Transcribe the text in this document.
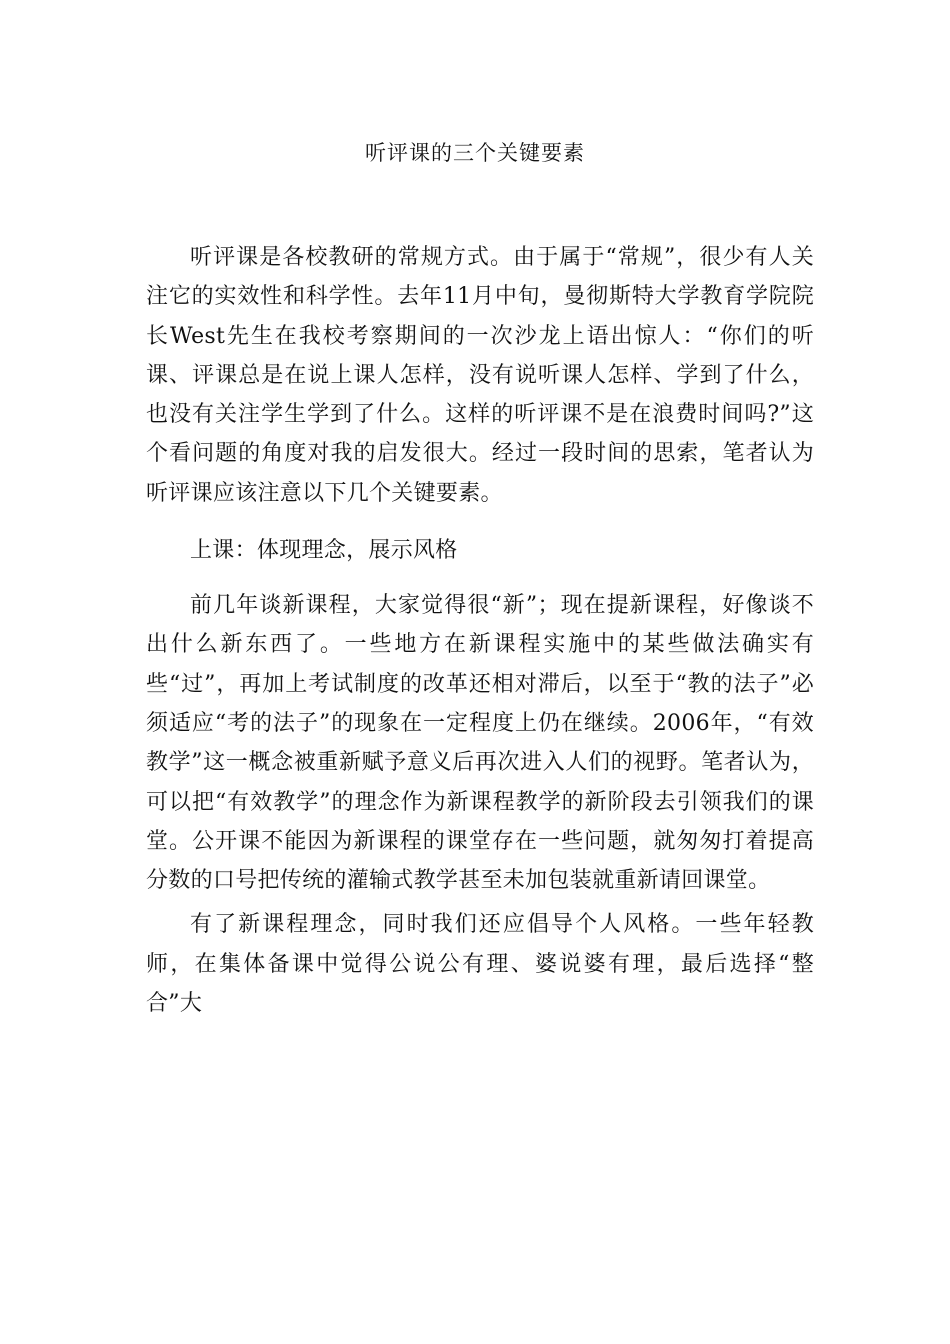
听评课的三个关键要素

听评课是各校教研的常规方式。由于属于“常规”，很少有人关注它的实效性和科学性。去年11月中旬，曼彻斯特大学教育学院院长West先生在我校考察期间的一次沙龙上语出惊人：“你们的听课、评课总是在说上课人怎样，没有说听课人怎样、学到了什么，也没有关注学生学到了什么。这样的听评课不是在浪费时间吗?”这个看问题的角度对我的启发很大。经过一段时间的思索，笔者认为听评课应该注意以下几个关键要素。

上课：体现理念，展示风格

前几年谈新课程，大家觉得很“新”；现在提新课程，好像谈不出什么新东西了。一些地方在新课程实施中的某些做法确实有些“过”，再加上考试制度的改革还相对滞后，以至于“教的法子”必须适应“考的法子”的现象在一定程度上仍在继续。2006年，“有效教学”这一概念被重新赋予意义后再次进入人们的视野。笔者认为，可以把“有效教学”的理念作为新课程教学的新阶段去引领我们的课堂。公开课不能因为新课程的课堂存在一些问题，就匆匆打着提高分数的口号把传统的灌输式教学甚至未加包装就重新请回课堂。

有了新课程理念，同时我们还应倡导个人风格。一些年轻教师，在集体备课中觉得公说公有理、婆说婆有理，最后选择“整合”大
